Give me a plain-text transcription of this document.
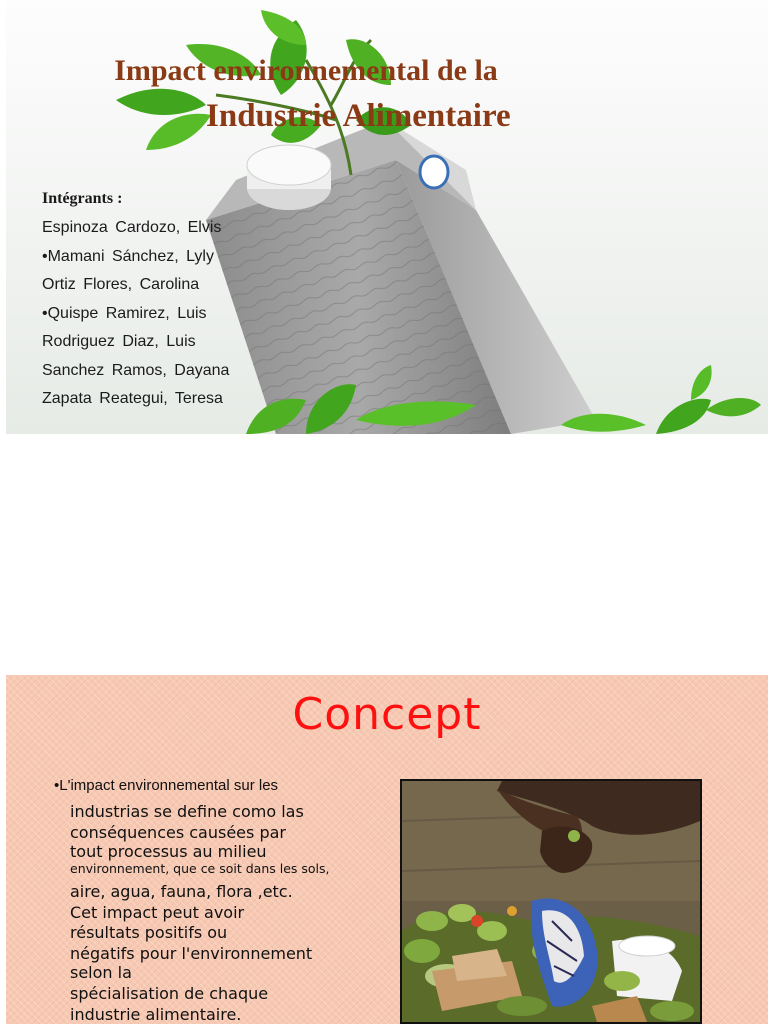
Impact environnemental de la
Industrie Alimentaire

Intégrants :

Espinoza Cardozo, Elvis
•Mamani Sánchez, Lyly
Ortiz Flores, Carolina
•Quispe Ramirez, Luis
Rodriguez Diaz, Luis
Sanchez Ramos, Dayana
Zapata Reategui, Teresa
Concept
•L'impact environnemental sur les
industrias se define como las
conséquences causées par
tout processus au milieu
environnement, que ce soit dans les sols,
aire, agua, fauna, flora ,etc.
Cet impact peut avoir
résultats positifs ou
négatifs pour l'environnement
selon la
spécialisation de chaque
industrie alimentaire.
